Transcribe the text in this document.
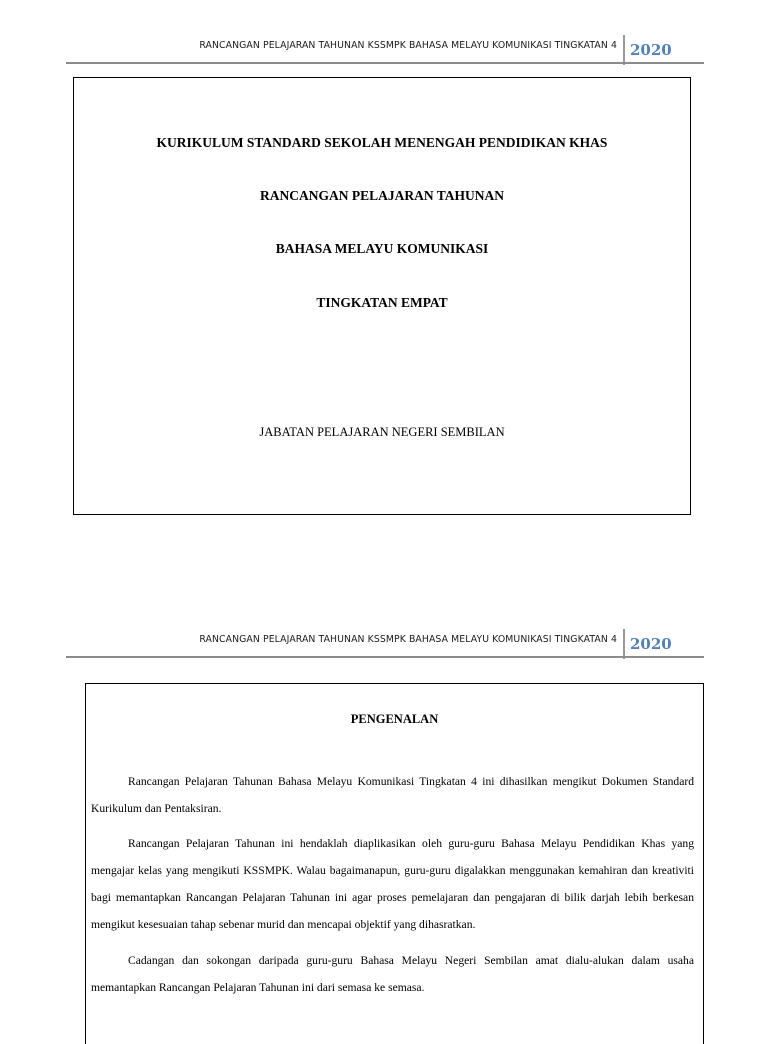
RANCANGAN PELAJARAN TAHUNAN KSSMPK BAHASA MELAYU KOMUNIKASI TINGKATAN 4 2020
KURIKULUM STANDARD SEKOLAH MENENGAH PENDIDIKAN KHAS
RANCANGAN PELAJARAN TAHUNAN
BAHASA MELAYU KOMUNIKASI
TINGKATAN EMPAT
JABATAN PELAJARAN NEGERI SEMBILAN
RANCANGAN PELAJARAN TAHUNAN KSSMPK BAHASA MELAYU KOMUNIKASI TINGKATAN 4 2020
PENGENALAN

Rancangan Pelajaran Tahunan Bahasa Melayu Komunikasi Tingkatan 4 ini dihasilkan mengikut Dokumen Standard Kurikulum dan Pentaksiran.

Rancangan Pelajaran Tahunan ini hendaklah diaplikasikan oleh guru-guru Bahasa Melayu Pendidikan Khas yang mengajar kelas yang mengikuti KSSMPK. Walau bagaimanapun, guru-guru digalakkan menggunakan kemahiran dan kreativiti bagi memantapkan Rancangan Pelajaran Tahunan ini agar proses pemelajaran dan pengajaran di bilik darjah lebih berkesan mengikut kesesuaian tahap sebenar murid dan mencapai objektif yang dihasratkan.

Cadangan dan sokongan daripada guru-guru Bahasa Melayu Negeri Sembilan amat dialu-alukan dalam usaha memantapkan Rancangan Pelajaran Tahunan ini dari semasa ke semasa.
